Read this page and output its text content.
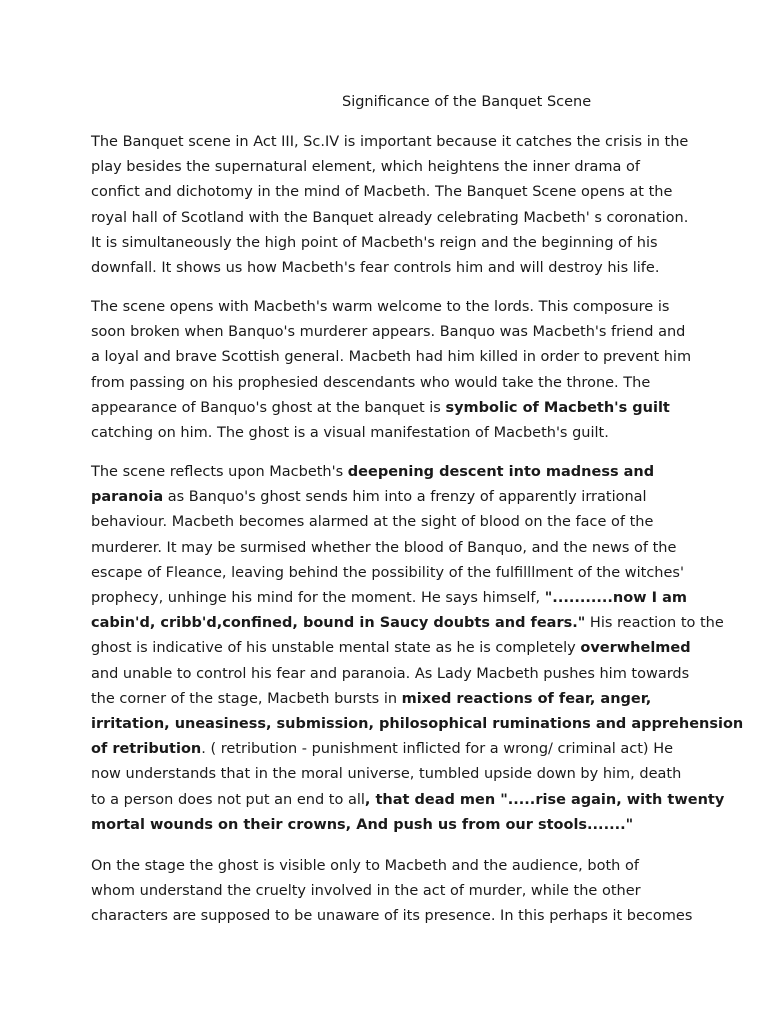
Significance of the Banquet Scene
The Banquet scene in Act III, Sc.IV is important because it catches the crisis in the
play besides the supernatural element, which heightens the inner drama of
confict and dichotomy in the mind of Macbeth. The Banquet Scene opens at the
royal hall of Scotland with the Banquet already celebrating Macbeth' s coronation.
It is simultaneously the high point of Macbeth's reign and the beginning of his
downfall. It shows us how Macbeth's fear controls him and will destroy his life.
The scene opens with Macbeth's warm welcome to the lords. This composure is
soon broken when Banquo's murderer appears. Banquo was Macbeth's friend and
a loyal and brave Scottish general. Macbeth had him killed in order to prevent him
from passing on his prophesied descendants who would take the throne. The
appearance of Banquo's ghost at the banquet is symbolic of Macbeth's guilt
catching on him. The ghost is a visual manifestation of Macbeth's guilt.
The scene reflects upon Macbeth's deepening descent into madness and
paranoia as Banquo's ghost sends him into a frenzy of apparently irrational
behaviour. Macbeth becomes alarmed at the sight of blood on the face of the
murderer. It may be surmised whether the blood of Banquo, and the news of the
escape of Fleance, leaving behind the possibility of the fulfilllment of the witches'
prophecy, unhinge his mind for the moment. He says himself, "...........now I am
cabin'd, cribb'd,confined, bound in Saucy doubts and fears." His reaction to the
ghost is indicative of his unstable mental state as he is completely overwhelmed
and unable to control his fear and paranoia. As Lady Macbeth pushes him towards
the corner of the stage, Macbeth bursts in mixed reactions of fear, anger,
irritation, uneasiness, submission, philosophical ruminations and apprehension
of retribution. ( retribution - punishment inflicted for a wrong/ criminal act) He
now understands that in the moral universe, tumbled upside down by him, death
to a person does not put an end to all, that dead men ".....rise again, with twenty
mortal wounds on their crowns, And push us from our stools......."
On the stage the ghost is visible only to Macbeth and the audience, both of
whom understand the cruelty involved in the act of murder, while the other
characters are supposed to be unaware of its presence. In this perhaps it becomes
